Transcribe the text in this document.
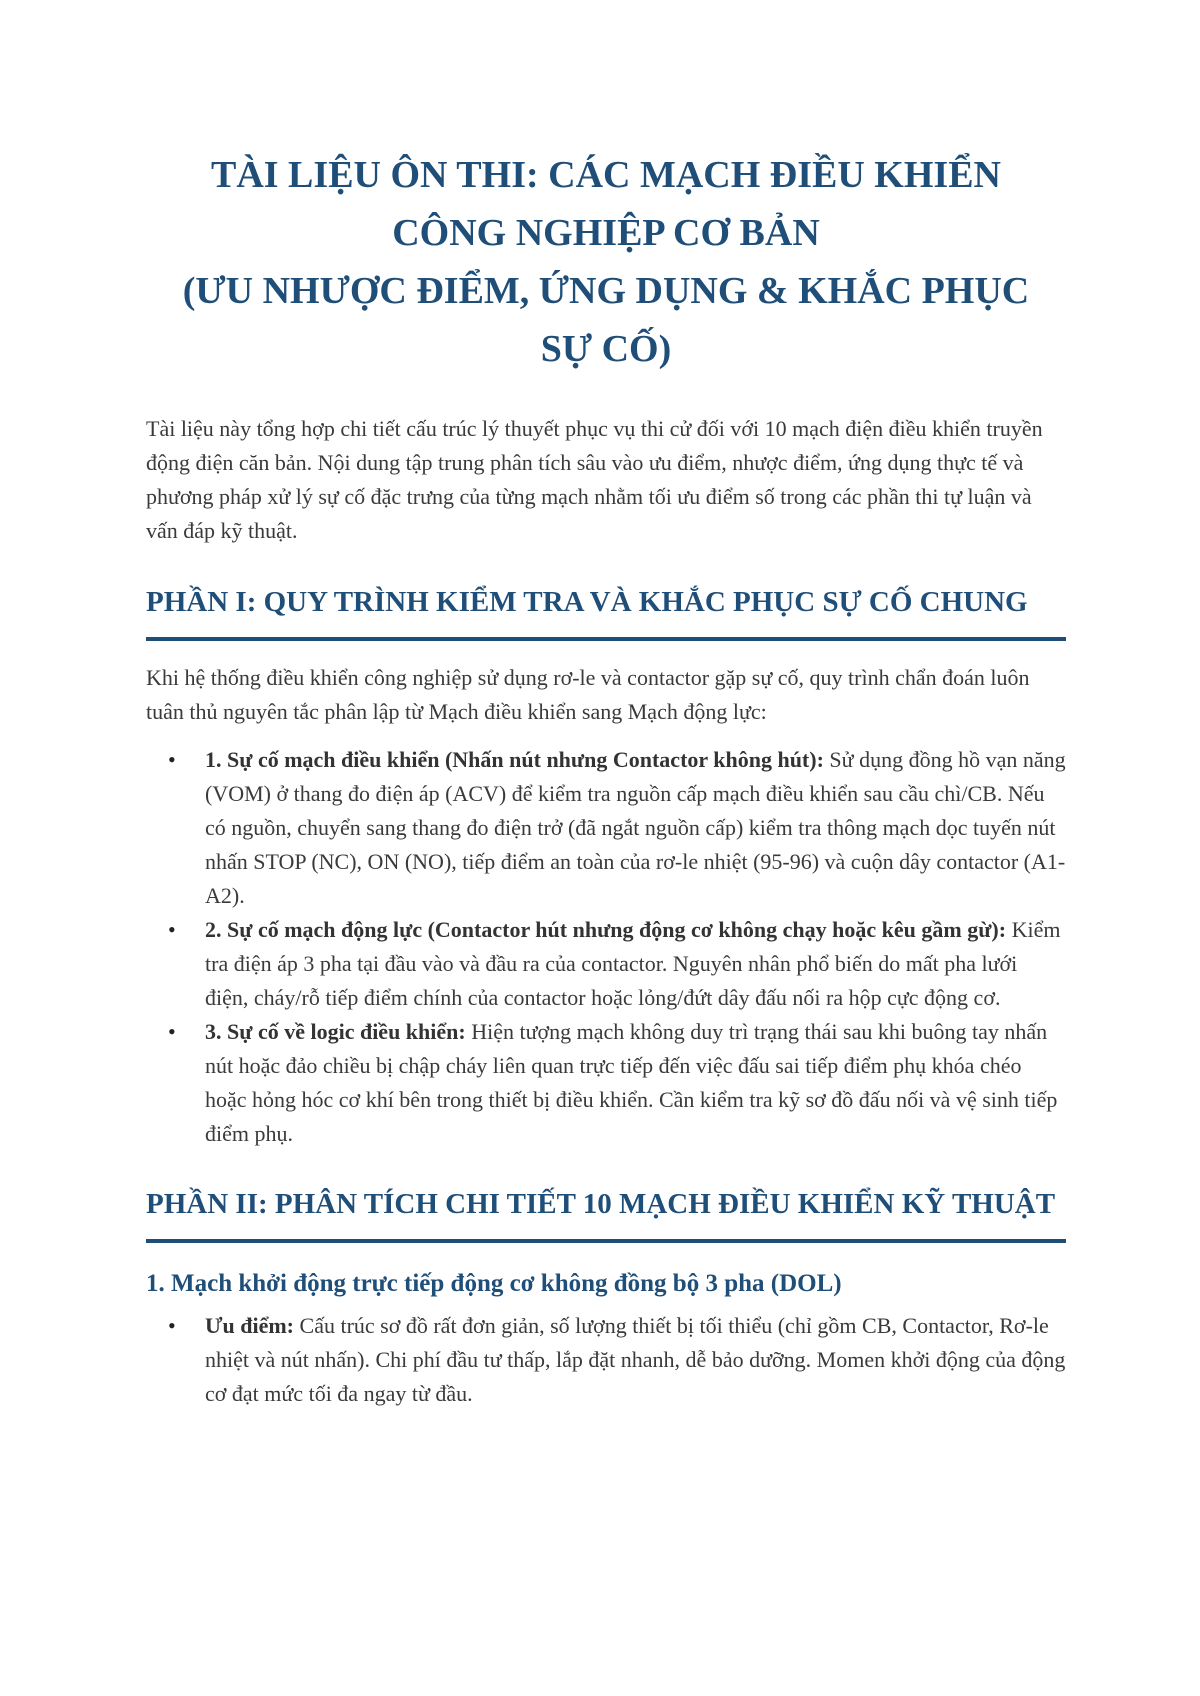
TÀI LIỆU ÔN THI: CÁC MẠCH ĐIỀU KHIỂN
CÔNG NGHIỆP CƠ BẢN
(ƯU NHƯỢC ĐIỂM, ỨNG DỤNG & KHẮC PHỤC
SỰ CỐ)

Tài liệu này tổng hợp chi tiết cấu trúc lý thuyết phục vụ thi cử đối với 10 mạch điện điều khiển truyền động điện căn bản. Nội dung tập trung phân tích sâu vào ưu điểm, nhược điểm, ứng dụng thực tế và phương pháp xử lý sự cố đặc trưng của từng mạch nhằm tối ưu điểm số trong các phần thi tự luận và vấn đáp kỹ thuật.

PHẦN I: QUY TRÌNH KIỂM TRA VÀ KHẮC PHỤC SỰ CỐ CHUNG

Khi hệ thống điều khiển công nghiệp sử dụng rơ-le và contactor gặp sự cố, quy trình chẩn đoán luôn tuân thủ nguyên tắc phân lập từ Mạch điều khiển sang Mạch động lực:

• 1. Sự cố mạch điều khiển (Nhấn nút nhưng Contactor không hút): Sử dụng đồng hồ vạn năng (VOM) ở thang đo điện áp (ACV) để kiểm tra nguồn cấp mạch điều khiển sau cầu chì/CB. Nếu có nguồn, chuyển sang thang đo điện trở (đã ngắt nguồn cấp) kiểm tra thông mạch dọc tuyến nút nhấn STOP (NC), ON (NO), tiếp điểm an toàn của rơ-le nhiệt (95-96) và cuộn dây contactor (A1-A2).
• 2. Sự cố mạch động lực (Contactor hút nhưng động cơ không chạy hoặc kêu gầm gừ): Kiểm tra điện áp 3 pha tại đầu vào và đầu ra của contactor. Nguyên nhân phổ biến do mất pha lưới điện, cháy/rỗ tiếp điểm chính của contactor hoặc lỏng/đứt dây đấu nối ra hộp cực động cơ.
• 3. Sự cố về logic điều khiển: Hiện tượng mạch không duy trì trạng thái sau khi buông tay nhấn nút hoặc đảo chiều bị chập cháy liên quan trực tiếp đến việc đấu sai tiếp điểm phụ khóa chéo hoặc hỏng hóc cơ khí bên trong thiết bị điều khiển. Cần kiểm tra kỹ sơ đồ đấu nối và vệ sinh tiếp điểm phụ.
PHẦN II: PHÂN TÍCH CHI TIẾT 10 MẠCH ĐIỀU KHIỂN KỸ THUẬT
1. Mạch khởi động trực tiếp động cơ không đồng bộ 3 pha (DOL)
• Ưu điểm: Cấu trúc sơ đồ rất đơn giản, số lượng thiết bị tối thiểu (chỉ gồm CB, Contactor, Rơ-le nhiệt và nút nhấn). Chi phí đầu tư thấp, lắp đặt nhanh, dễ bảo dưỡng. Momen khởi động của động cơ đạt mức tối đa ngay từ đầu.
